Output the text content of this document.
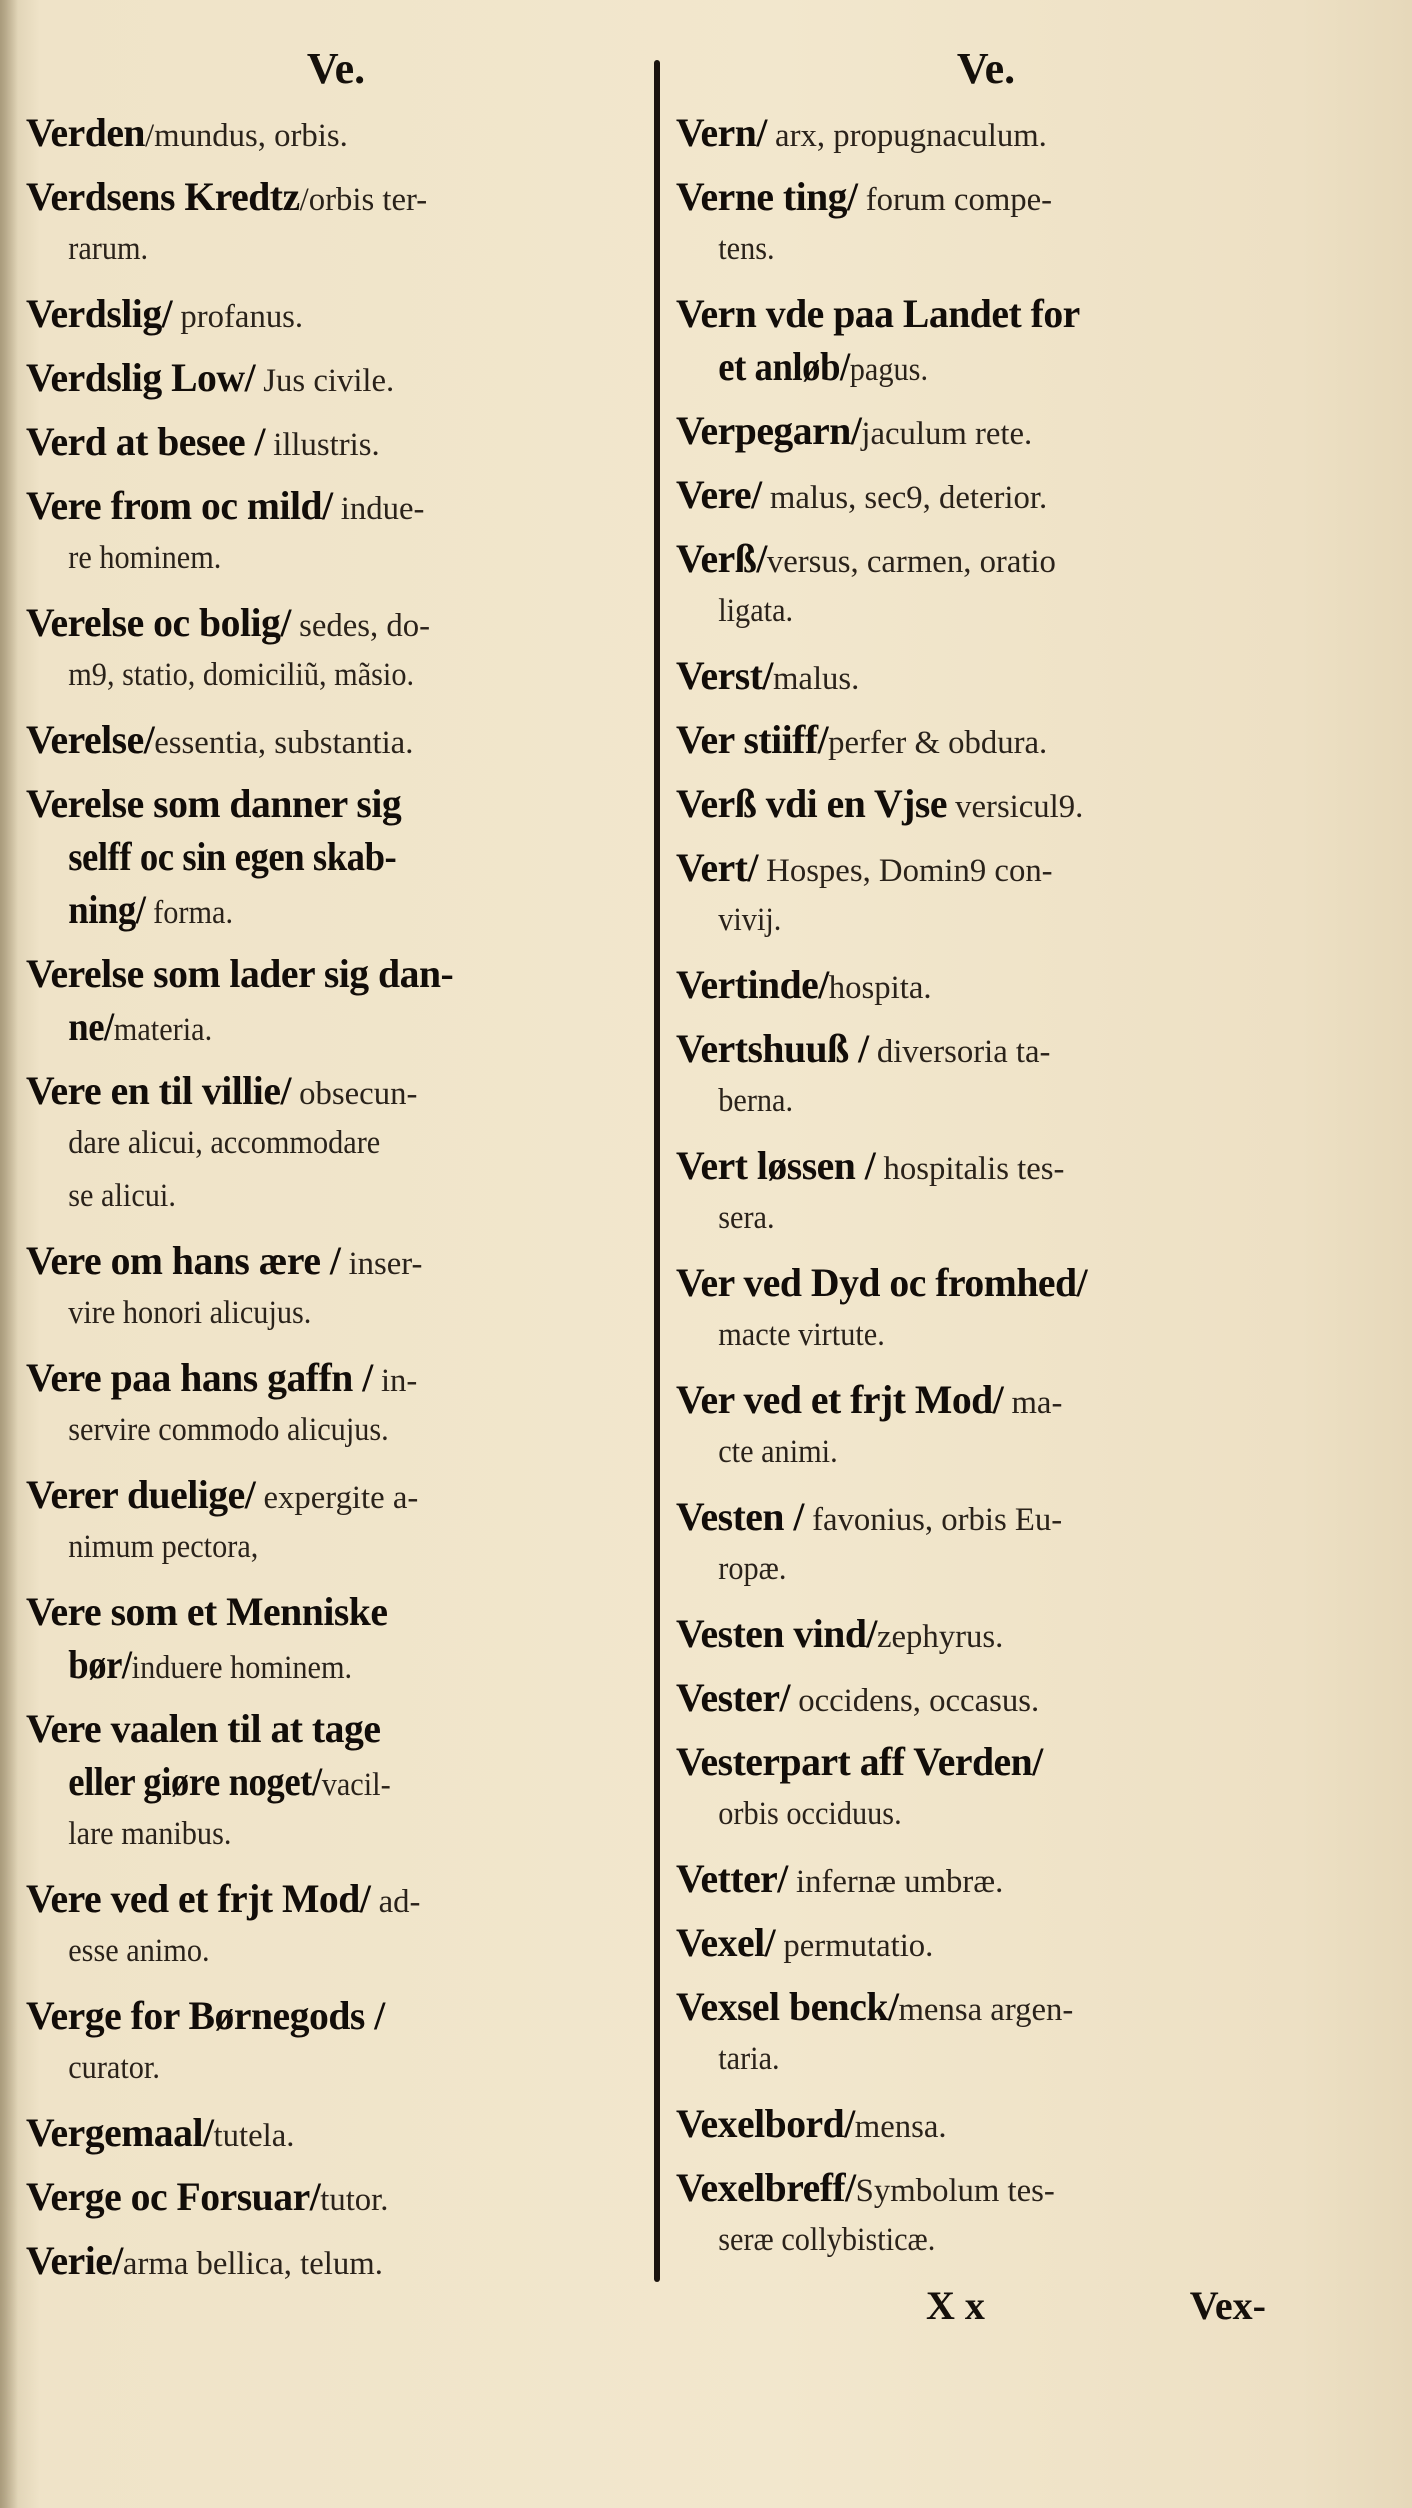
Ve.
Verden/mundus, orbis.
Verdsens Kredtz/orbis ter-
rarum.
Verdslig/ profanus.
Verdslig Low/ Jus civile.
Verd at besee / illustris.
Vere from oc mild/ indue-
re hominem.
Verelse oc bolig/ sedes, do-
m9, statio, domiciliũ, mãsio.
Verelse/essentia, substantia.
Verelse som danner sig
selff oc sin egen skab-
ning/ forma.
Verelse som lader sig dan-
ne/materia.
Vere en til villie/ obsecun-
dare alicui, accommodare
se alicui.
Vere om hans ære / inser-
vire honori alicujus.
Vere paa hans gaffn / in-
servire commodo alicujus.
Verer duelige/ expergite a-
nimum pectora,
Vere som et Mennіske
bør/induere hominem.
Vere vaalen til at tage
eller giøre noget/vacil-
lare manibus.
Vere ved et frjt Mod/ ad-
esse animo.
Verge for Børnegods /
curator.
Vergemaal/tutela.
Verge oc Forsuar/tutor.
Verie/arma bellica, telum.
Ve.
Vern/ arx, propugnaculum.
Verne ting/ forum compe-
tens.
Vern vde paa Landet for
et anløb/pagus.
Verpegarn/jaculum rete.
Vere/ malus, sec9, deterior.
Verß/versus, carmen, oratio
ligata.
Verst/malus.
Ver stiiff/perfer & obdura.
Verß vdi en Vjse versicul9.
Vert/ Hospes, Domin9 con-
vivij.
Vertinde/hospita.
Vertshuuß / diversoria ta-
berna.
Vert løssen / hospitalis tes-
sera.
Ver ved Dyd oc fromhed/
macte virtute.
Ver ved et frjt Mod/ ma-
cte animi.
Vesten / favonius, orbis Eu-
ropæ.
Vesten vind/zephyrus.
Vester/ occidens, occasus.
Vesterpart aff Verden/
orbis occiduus.
Vetter/ infernæ umbræ.
Vexel/ permutatio.
Vexsel benck/mensa argen-
taria.
Vexelbord/mensa.
Vexelbreff/Symbolum tes-
seræ collybisticæ.
X x	Vex-
